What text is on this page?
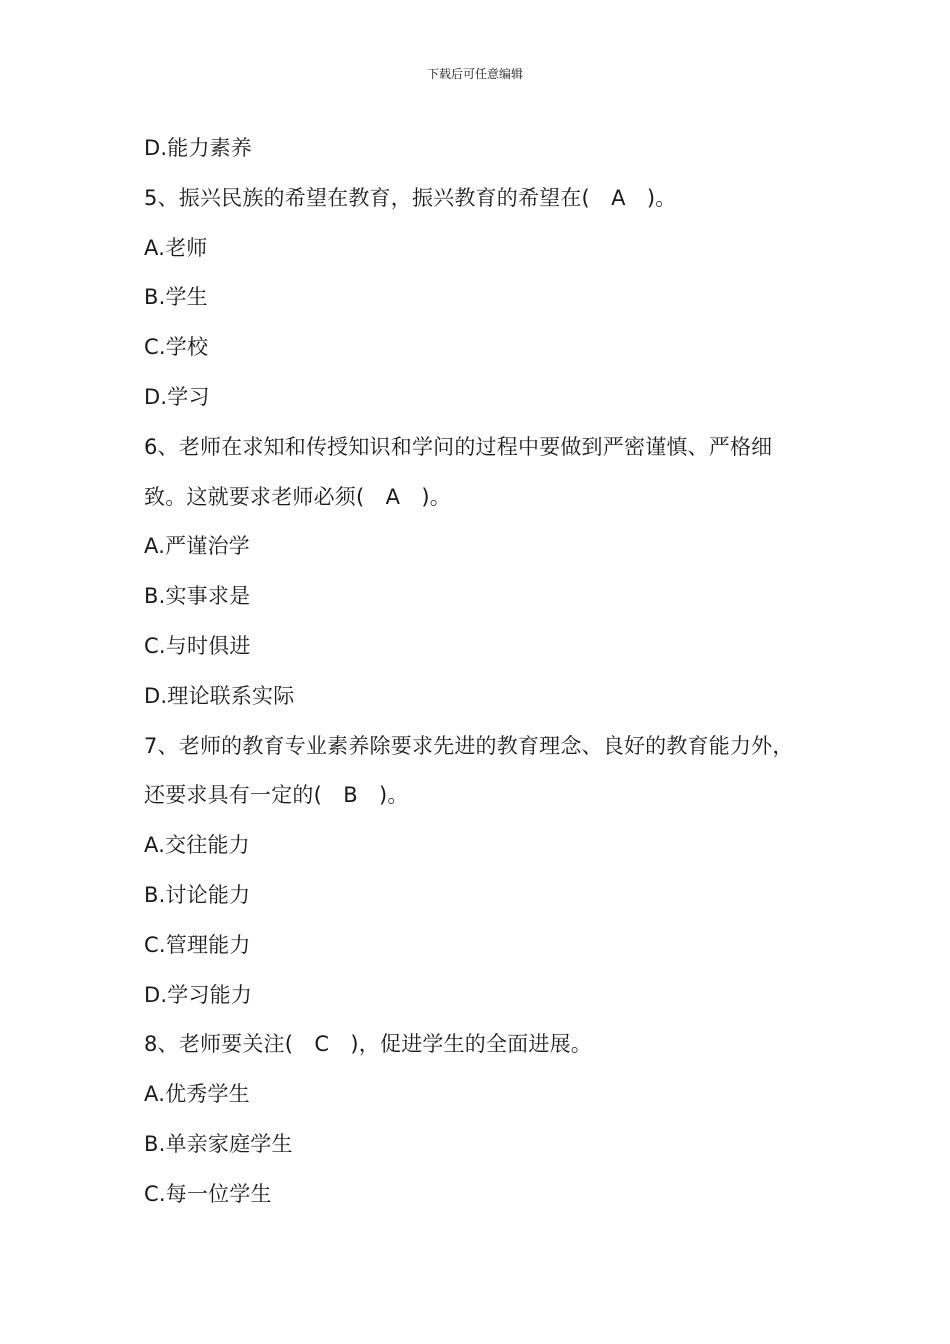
下载后可任意编辑
D.能力素养
5、振兴民族的希望在教育，振兴教育的希望在(　A　)。
A.老师
B.学生
C.学校
D.学习
6、老师在求知和传授知识和学问的过程中要做到严密谨慎、严格细
致。这就要求老师必须(　A　)。
A.严谨治学
B.实事求是
C.与时俱进
D.理论联系实际
7、老师的教育专业素养除要求先进的教育理念、良好的教育能力外，
还要求具有一定的(　B　)。
A.交往能力
B.讨论能力
C.管理能力
D.学习能力
8、老师要关注(　C　)，促进学生的全面进展。
A.优秀学生
B.单亲家庭学生
C.每一位学生
